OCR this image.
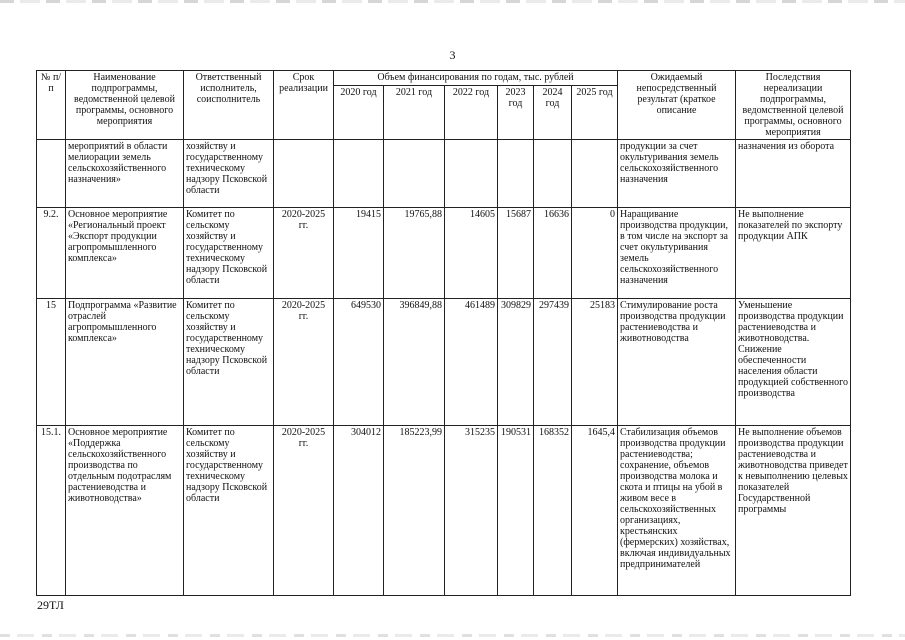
3
№ п/п	Наименование подпрограммы, ведомственной целевой программы, основного мероприятия	Ответственный исполнитель, соисполнитель	Срок реализации	Объем финансирования по годам, тыс. рублей						Ожидаемый непосредственный результат (краткое описание	Последствия нереализации подпрограммы, ведомственной целевой программы, основного мероприятия
				2020 год	2021 год	2022 год	2023 год	2024 год	2025 год		
	мероприятий в области мелиорации земель сельскохозяйственного назначения»	хозяйству и государственному техническому надзору Псковской области								продукции за счет окультуривания земель сельскохозяйственного назначения	назначения из оборота
9.2.	Основное мероприятие «Региональный проект «Экспорт продукции агропромышленного комплекса»	Комитет по сельскому хозяйству и государственному техническому надзору Псковской области	2020-2025 гг.	19415	19765,88	14605	15687	16636	0	Наращивание производства продукции, в том числе на экспорт за счет окультуривания земель сельскохозяйственного назначения	Не выполнение показателей по экспорту продукции АПК
15	Подпрограмма «Развитие отраслей агропромышленного комплекса»	Комитет по сельскому хозяйству и государственному техническому надзору Псковской области	2020-2025 гг.	649530	396849,88	461489	309829	297439	25183	Стимулирование роста производства продукции растениеводства и животноводства	Уменьшение производства продукции растениеводства и животноводства. Снижение обеспеченности населения области продукцией собственного производства
15.1.	Основное мероприятие «Поддержка сельскохозяйственного производства по отдельным подотраслям растениеводства и животноводства»	Комитет по сельскому хозяйству и государственному техническому надзору Псковской области	2020-2025 гг.	304012	185223,99	315235	190531	168352	1645,4	Стабилизация объемов производства продукции растениеводства; сохранение, объемов производства молока и скота и птицы на убой в живом весе в сельскохозяйственных организациях, крестьянских (фермерских) хозяйствах, включая индивидуальных предпринимателей	Не выполнение объемов производства продукции растениеводства и животноводства приведет к невыполнению целевых показателей Государственной программы
29ТЛ
